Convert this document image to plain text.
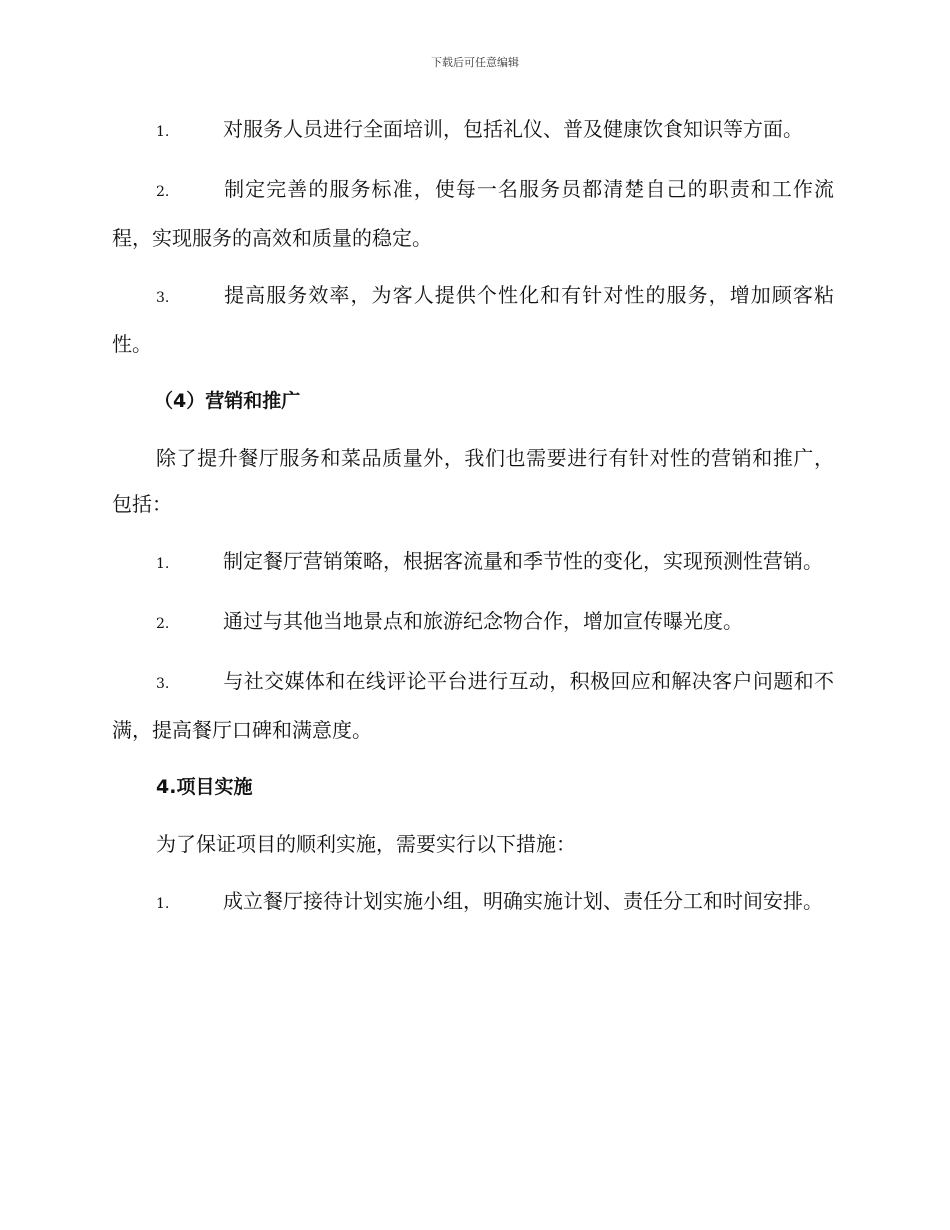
下载后可任意编辑

1.	对服务人员进行全面培训，包括礼仪、普及健康饮食知识等方面。

2.	制定完善的服务标准，使每一名服务员都清楚自己的职责和工作流程，实现服务的高效和质量的稳定。

3.	提高服务效率，为客人提供个性化和有针对性的服务，增加顾客粘性。

（4）营销和推广

除了提升餐厅服务和菜品质量外，我们也需要进行有针对性的营销和推广，包括：

1.	制定餐厅营销策略，根据客流量和季节性的变化，实现预测性营销。

2.	通过与其他当地景点和旅游纪念物合作，增加宣传曝光度。

3.	与社交媒体和在线评论平台进行互动，积极回应和解决客户问题和不满，提高餐厅口碑和满意度。

4.项目实施

为了保证项目的顺利实施，需要实行以下措施：

1.	成立餐厅接待计划实施小组，明确实施计划、责任分工和时间安排。
